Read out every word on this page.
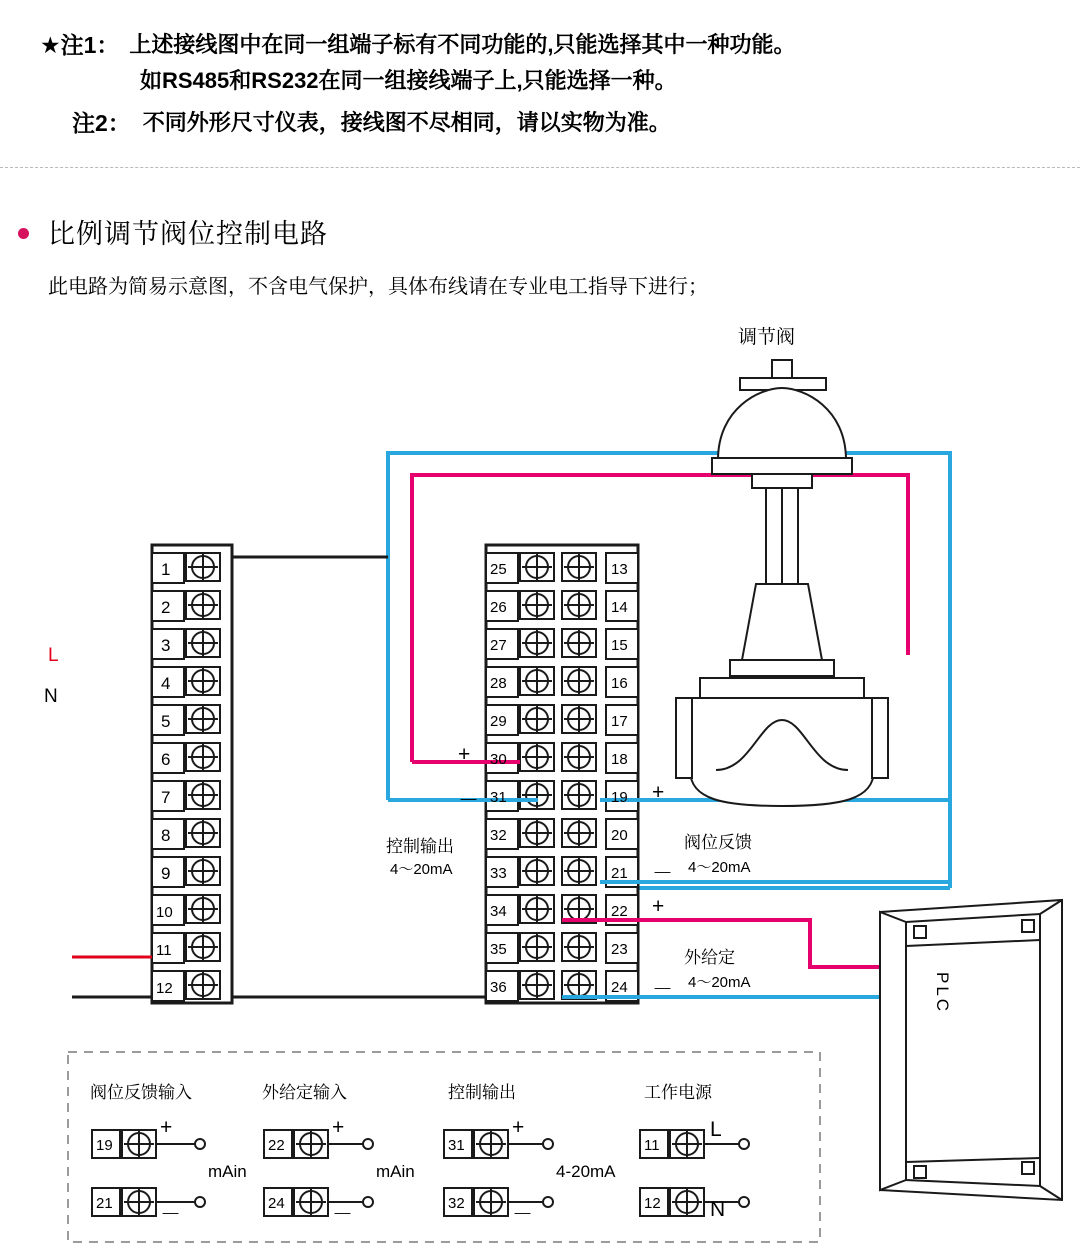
★注1： 上述接线图中在同一组端子标有不同功能的,只能选择其中一种功能。
如RS485和RS232在同一组接线端子上,只能选择一种。
注2： 不同外形尺寸仪表，接线图不尽相同，请以实物为准。
比例调节阀位控制电路
此电路为简易示意图，不含电气保护，具体布线请在专业电工指导下进行；
调节阀
PLC
L
N
1
2
3
4
5
6
7
8
9
10
11
12
25
26
27
28
29
30
31
32
33
34
35
36
13
14
15
16
17
18
19
20
21
22
23
24
+
－
控制输出
4～20mA
+
－
阀位反馈
4～20mA
+
－
外给定
4～20mA
阀位反馈输入	外给定输入	控制输出	工作电源
19
21
+
－
mAin
22
24
+
－
mAin
31
32
+
－
4-20mA
11
12
L
N
